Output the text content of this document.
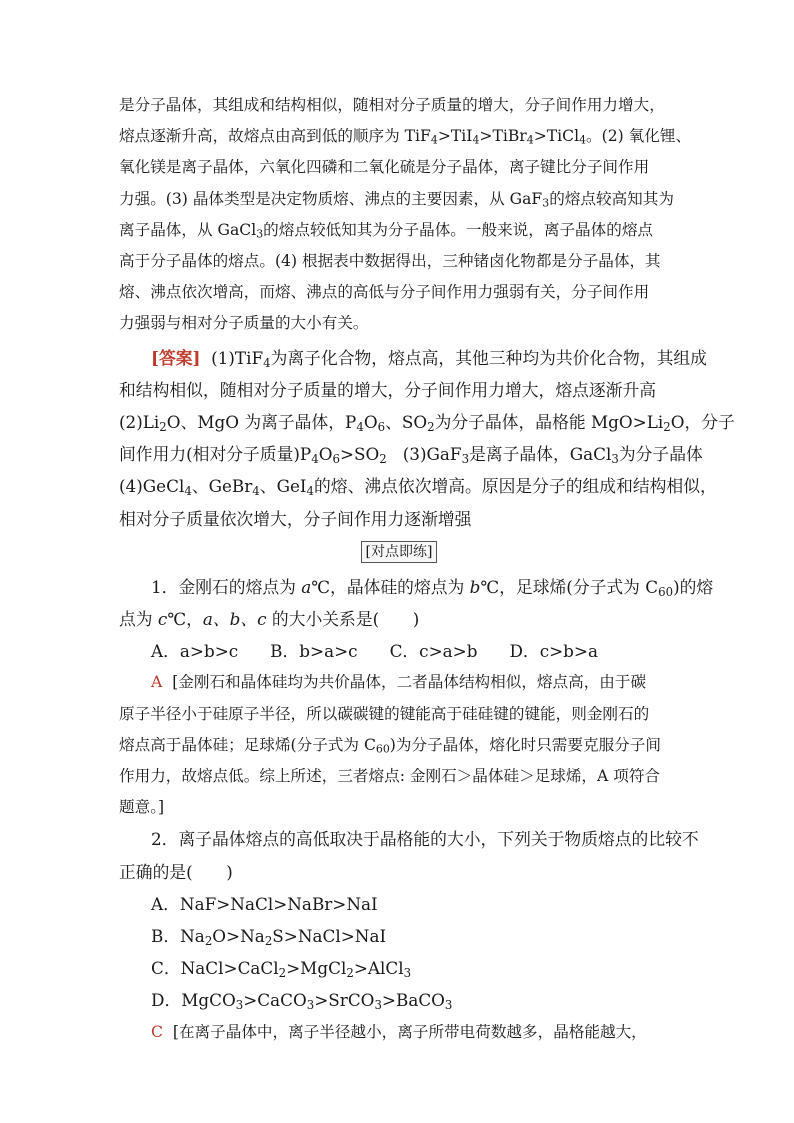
是分子晶体，其组成和结构相似，随相对分子质量的增大，分子间作用力增大，

熔点逐渐升高，故熔点由高到低的顺序为 TiF$_4$>TiI$_4$>TiBr$_4$>TiCl$_4$。(2) 氧化锂、

氧化镁是离子晶体，六氧化四磷和二氧化硫是分子晶体，离子键比分子间作用

力强。(3) 晶体类型是决定物质熔、沸点的主要因素，从 GaF$_3$的熔点较高知其为

离子晶体，从 GaCl$_3$的熔点较低知其为分子晶体。一般来说，离子晶体的熔点

高于分子晶体的熔点。(4) 根据表中数据得出，三种锗卤化物都是分子晶体，其

熔、沸点依次增高，而熔、沸点的高低与分子间作用力强弱有关，分子间作用

力强弱与相对分子质量的大小有关。

[答案] (1)TiF$_4$为离子化合物，熔点高，其他三种均为共价化合物，其组成

和结构相似，随相对分子质量的增大，分子间作用力增大，熔点逐渐升高

$(2)Li_2O$、MgO 为离子晶体，$P_4O_6$、$SO_2$为分子晶体，晶格能 $MgO>Li_2O$，分子

间作用力(相对分子质量)$P_4O_6>SO_2$   (3)GaF$_3$是离子晶体，GaCl$_3$为分子晶体

(4)GeCl$_4$、GeBr$_4$、GeI$_4$的熔、沸点依次增高。原因是分子的组成和结构相似，

相对分子质量依次增大，分子间作用力逐渐增强

[对点即练]

1．金刚石的熔点为 a℃，晶体硅的熔点为 b℃，足球烯(分子式为 $C_{60}$)的熔

点为 c℃，a、b、c 的大小关系是(　　)

A．a>b>c B．b>a>c C．c>a>b D．c>b>a

A [金刚石和晶体硅均为共价晶体，二者晶体结构相似，熔点高，由于碳

原子半径小于硅原子半径，所以碳碳键的键能高于硅硅键的键能，则金刚石的

熔点高于晶体硅；足球烯(分子式为 $C_{60}$)为分子晶体，熔化时只需要克服分子间

作用力，故熔点低。综上所述，三者熔点: 金刚石＞晶体硅＞足球烯，A 项符合

题意。]

2．离子晶体熔点的高低取决于晶格能的大小，下列关于物质熔点的比较不

正确的是(　　)

A．NaF>NaCl>NaBr>NaI

B．$Na_2O>Na_2S>NaCl>NaI$

C．NaCl>CaCl$_2$>MgCl$_2$>AlCl$_3$

D．MgCO$_3$>CaCO$_3$>SrCO$_3$>BaCO$_3$

C [在离子晶体中，离子半径越小，离子所带电荷数越多，晶格能越大，
